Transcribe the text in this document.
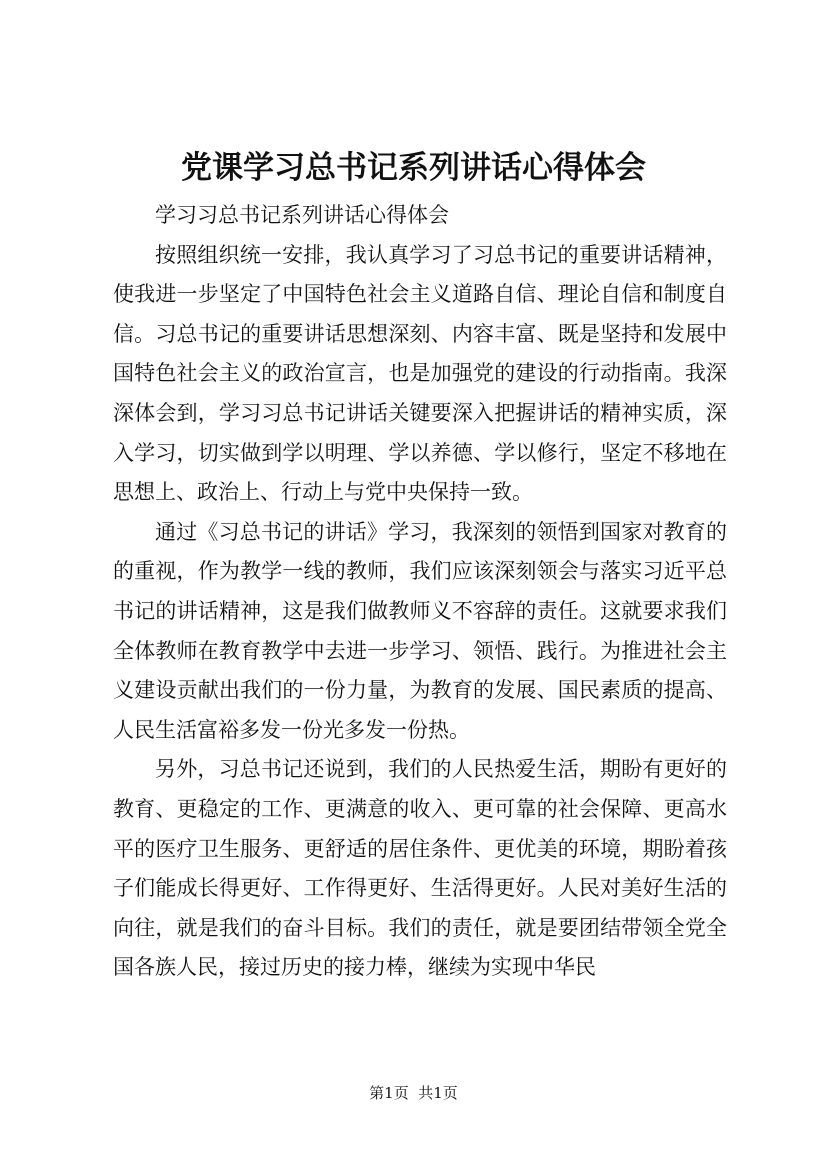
党课学习总书记系列讲话心得体会

学习习总书记系列讲话心得体会

按照组织统一安排，我认真学习了习总书记的重要讲话精神，使我进一步坚定了中国特色社会主义道路自信、理论自信和制度自信。习总书记的重要讲话思想深刻、内容丰富、既是坚持和发展中国特色社会主义的政治宣言，也是加强党的建设的行动指南。我深深体会到，学习习总书记讲话关键要深入把握讲话的精神实质，深入学习，切实做到学以明理、学以养德、学以修行，坚定不移地在思想上、政治上、行动上与党中央保持一致。

通过《习总书记的讲话》学习，我深刻的领悟到国家对教育的的重视，作为教学一线的教师，我们应该深刻领会与落实习近平总书记的讲话精神，这是我们做教师义不容辞的责任。这就要求我们全体教师在教育教学中去进一步学习、领悟、践行。为推进社会主义建设贡献出我们的一份力量，为教育的发展、国民素质的提高、人民生活富裕多发一份光多发一份热。

另外，习总书记还说到，我们的人民热爱生活，期盼有更好的教育、更稳定的工作、更满意的收入、更可靠的社会保障、更高水平的医疗卫生服务、更舒适的居住条件、更优美的环境，期盼着孩子们能成长得更好、工作得更好、生活得更好。人民对美好生活的向往，就是我们的奋斗目标。我们的责任，就是要团结带领全党全国各族人民，接过历史的接力棒，继续为实现中华民

第1页 共1页
